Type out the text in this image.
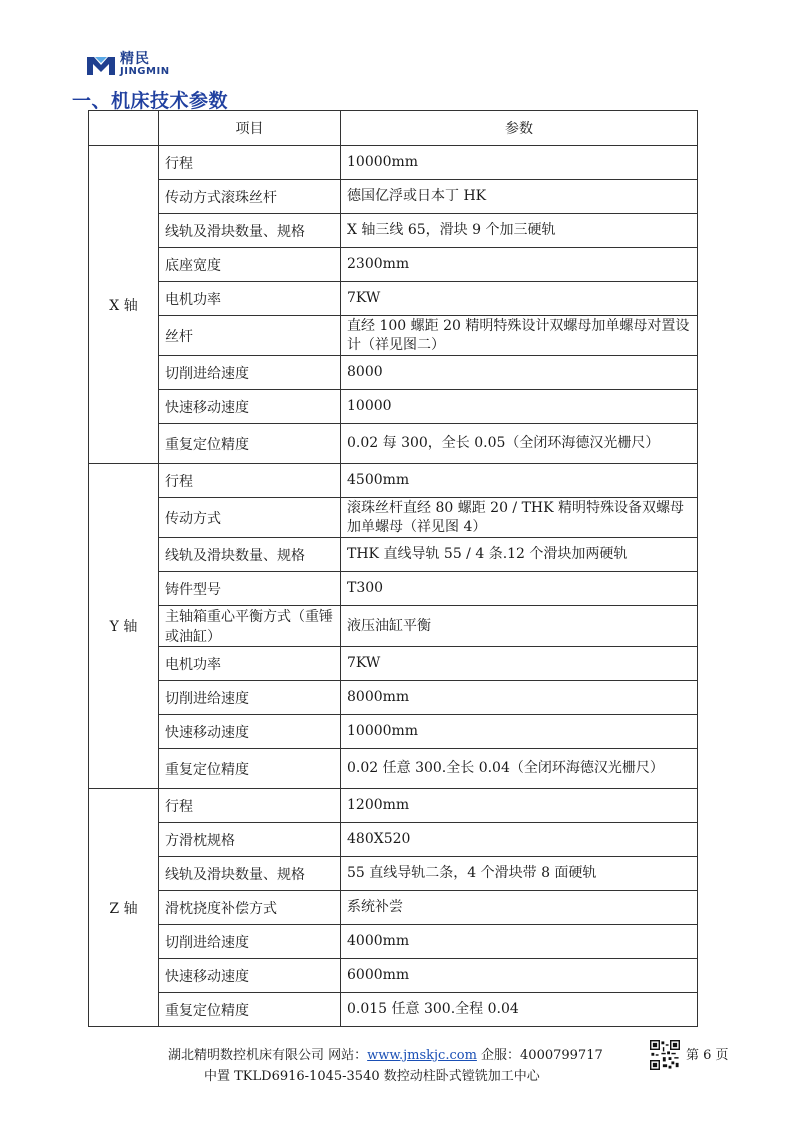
精民
JINGMIN
一、机床技术参数
	项目	参数
X 轴	行程	10000mm
	传动方式滚珠丝杆	德国亿浮或日本丁 HK
	线轨及滑块数量、规格	X 轴三线 65，滑块 9 个加三硬轨
	底座宽度	2300mm
	电机功率	7KW
	丝杆	直经 100 螺距 20 精明特殊设计双螺母加单螺母对置设计（祥见图二）
	切削进给速度	8000
	快速移动速度	10000
	重复定位精度	0.02 每 300，全长 0.05（全闭环海德汉光栅尺）
Y 轴	行程	4500mm
	传动方式	滚珠丝杆直经 80 螺距 20 / THK 精明特殊设备双螺母加单螺母（祥见图 4）
	线轨及滑块数量、规格	THK 直线导轨 55 / 4 条.12 个滑块加两硬轨
	铸件型号	T300
	主轴箱重心平衡方式（重锤或油缸）	液压油缸平衡
	电机功率	7KW
	切削进给速度	8000mm
	快速移动速度	10000mm
	重复定位精度	0.02 任意 300.全长 0.04（全闭环海德汉光栅尺）
Z 轴	行程	1200mm
	方滑枕规格	480X520
	线轨及滑块数量、规格	55 直线导轨二条，4 个滑块带 8 面硬轨
	滑枕挠度补偿方式	系统补尝
	切削进给速度	4000mm
	快速移动速度	6000mm
	重复定位精度	0.015 任意 300.全程 0.04
湖北精明数控机床有限公司 网站：www.jmskjc.com 企服：4000799717	第 6 页
中置 TKLD6916-1045-3540 数控动柱卧式镗铣加工中心
